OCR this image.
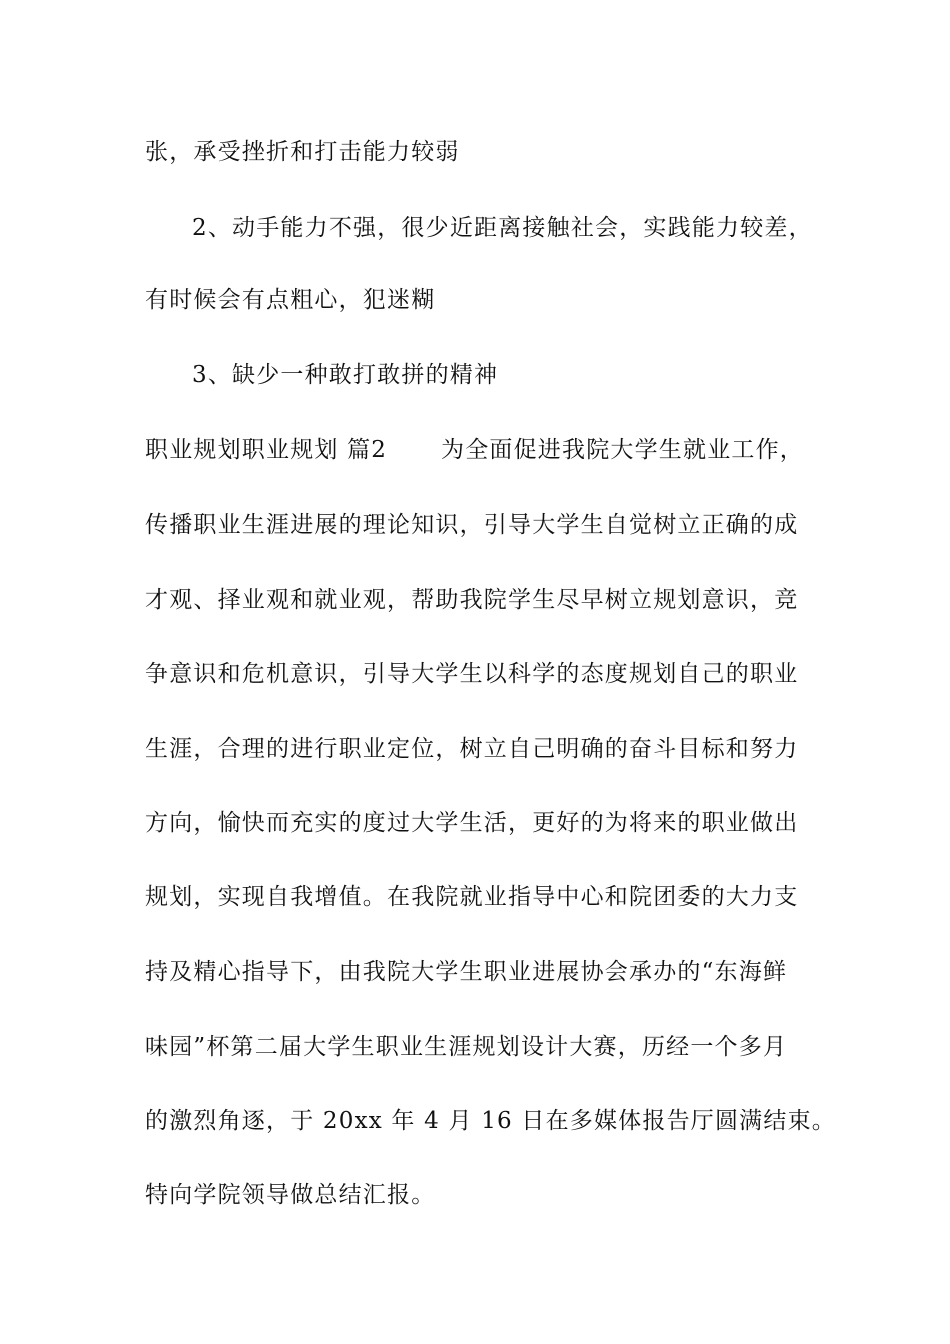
张，承受挫折和打击能力较弱
2、动手能力不强，很少近距离接触社会，实践能力较差，
有时候会有点粗心，犯迷糊
3、缺少一种敢打敢拼的精神
职业规划职业规划 篇2 为全面促进我院大学生就业工作，
传播职业生涯进展的理论知识，引导大学生自觉树立正确的成
才观、择业观和就业观，帮助我院学生尽早树立规划意识，竞
争意识和危机意识，引导大学生以科学的态度规划自己的职业
生涯，合理的进行职业定位，树立自己明确的奋斗目标和努力
方向，愉快而充实的度过大学生活，更好的为将来的职业做出
规划，实现自我增值。在我院就业指导中心和院团委的大力支
持及精心指导下，由我院大学生职业进展协会承办的“东海鲜
味园”杯第二届大学生职业生涯规划设计大赛，历经一个多月
的激烈角逐，于 20xx 年 4 月 16 日在多媒体报告厅圆满结束。
特向学院领导做总结汇报。
